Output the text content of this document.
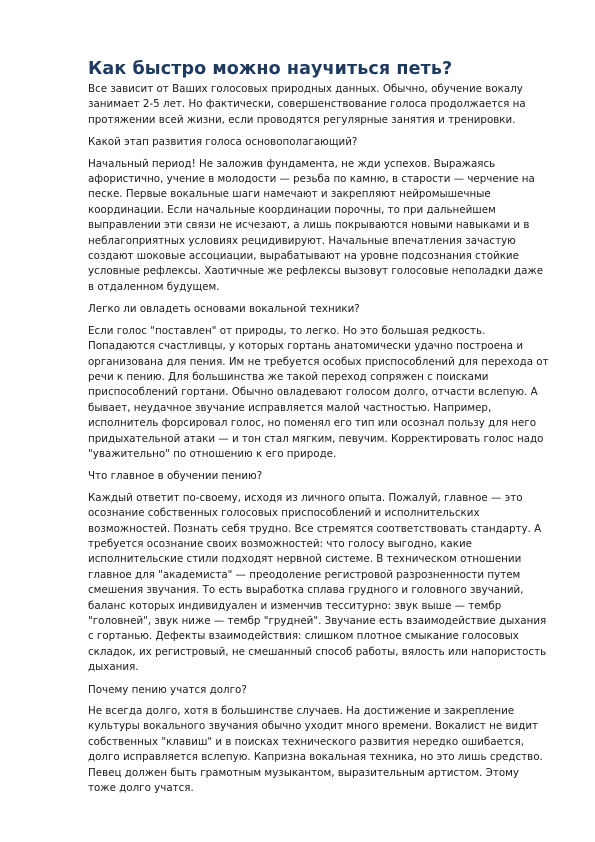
Как быстро можно научиться петь?

Все зависит от Ваших голосовых природных данных. Обычно, обучение вокалу занимает 2-5 лет. Но фактически, совершенствование голоса продолжается на протяжении всей жизни, если проводятся регулярные занятия и тренировки.

Какой этап развития голоса основополагающий?

Начальный период! Не заложив фундамента, не жди успехов. Выражаясь афористично, учение в молодости — резьба по камню, в старости — черчение на песке. Первые вокальные шаги намечают и закрепляют нейромышечные координации. Если начальные координации порочны, то при дальнейшем выправлении эти связи не исчезают, а лишь покрываются новыми навыками и в неблагоприятных условиях рецидивируют. Начальные впечатления зачастую создают шоковые ассоциации, вырабатывают на уровне подсознания стойкие условные рефлексы. Хаотичные же рефлексы вызовут голосовые неполадки даже в отдаленном будущем.

Легко ли овладеть основами вокальной техники?

Если голос "поставлен" от природы, то легко. Но это большая редкость. Попадаются счастливцы, у которых гортань анатомически удачно построена и организована для пения. Им не требуется особых приспособлений для перехода от речи к пению. Для большинства же такой переход сопряжен с поисками приспособлений гортани. Обычно овладевают голосом долго, отчасти вслепую. А бывает, неудачное звучание исправляется малой частностью. Например, исполнитель форсировал голос, но поменял его тип или осознал пользу для него придыхательной атаки — и тон стал мягким, певучим. Корректировать голос надо "уважительно" по отношению к его природе.

Что главное в обучении пению?

Каждый ответит по-своему, исходя из личного опыта. Пожалуй, главное — это осознание собственных голосовых приспособлений и исполнительских возможностей. Познать себя трудно. Все стремятся соответствовать стандарту. А требуется осознание своих возможностей: что голосу выгодно, какие исполнительские стили подходят нервной системе. В техническом отношении главное для "академиста" — преодоление регистровой разрозненности путем смешения звучания. То есть выработка сплава грудного и головного звучаний, баланс которых индивидуален и изменчив тесситурно: звук выше — тембр "головней", звук ниже — тембр "грудней". Звучание есть взаимодействие дыхания с гортанью. Дефекты взаимодействия: слишком плотное смыкание голосовых складок, их регистровый, не смешанный способ работы, вялость или напористость дыхания.

Почему пению учатся долго?

Не всегда долго, хотя в большинстве случаев. На достижение и закрепление культуры вокального звучания обычно уходит много времени. Вокалист не видит собственных "клавиш" и в поисках технического развития нередко ошибается, долго исправляется вслепую. Капризна вокальная техника, но это лишь средство. Певец должен быть грамотным музыкантом, выразительным артистом. Этому тоже долго учатся.
